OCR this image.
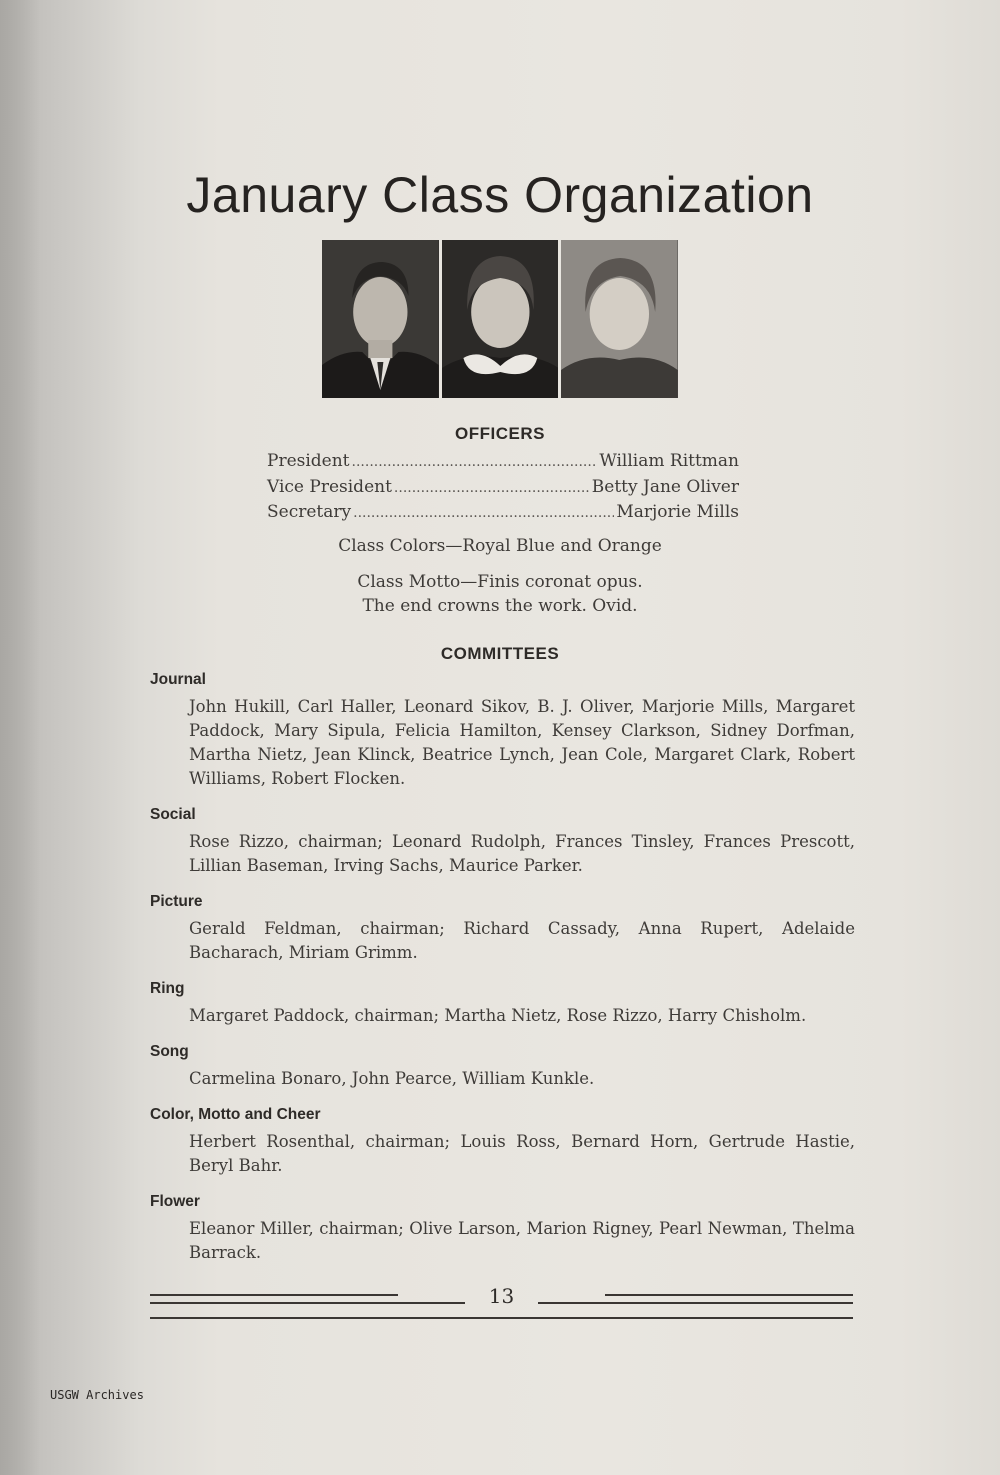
January Class Organization
OFFICERS
President .....	William Rittman
Vice President .....	Betty Jane Oliver
Secretary .....	Marjorie Mills
Class Colors—Royal Blue and Orange
Class Motto—Finis coronat opus.
The end crowns the work. Ovid.
COMMITTEES
Journal
John Hukill, Carl Haller, Leonard Sikov, B. J. Oliver, Marjorie Mills, Margaret Paddock, Mary Sipula, Felicia Hamilton, Kensey Clarkson, Sidney Dorfman, Martha Nietz, Jean Klinck, Beatrice Lynch, Jean Cole, Margaret Clark, Robert Williams, Robert Flocken.
Social
Rose Rizzo, chairman; Leonard Rudolph, Frances Tinsley, Frances Prescott, Lillian Baseman, Irving Sachs, Maurice Parker.
Picture
Gerald Feldman, chairman; Richard Cassady, Anna Rupert, Adelaide Bacharach, Miriam Grimm.
Ring
Margaret Paddock, chairman; Martha Nietz, Rose Rizzo, Harry Chisholm.
Song
Carmelina Bonaro, John Pearce, William Kunkle.
Color, Motto and Cheer
Herbert Rosenthal, chairman; Louis Ross, Bernard Horn, Gertrude Hastie, Beryl Bahr.
Flower
Eleanor Miller, chairman; Olive Larson, Marion Rigney, Pearl Newman, Thelma Barrack.
13
USGW Archives
